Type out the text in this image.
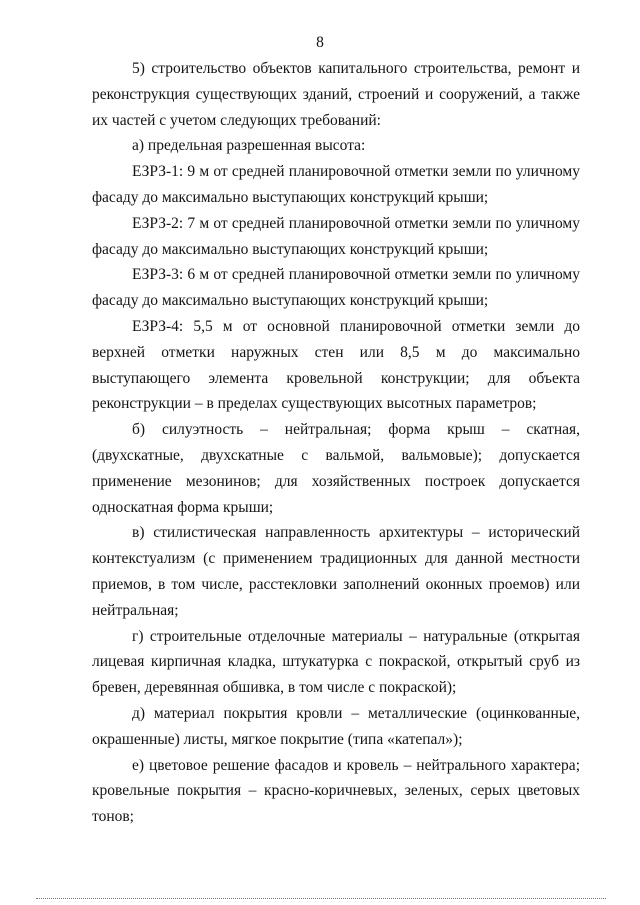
8

5) строительство объектов капитального строительства, ремонт и реконструкция существующих зданий, строений и сооружений, а также их частей с учетом следующих требований:

а) предельная разрешенная высота:

ЕЗРЗ-1: 9 м от средней планировочной отметки земли по уличному фасаду до максимально выступающих конструкций крыши;

ЕЗРЗ-2: 7 м от средней планировочной отметки земли по уличному фасаду до максимально выступающих конструкций крыши;

ЕЗРЗ-3: 6 м от средней планировочной отметки земли по уличному фасаду до максимально выступающих конструкций крыши;

ЕЗРЗ-4: 5,5 м от основной планировочной отметки земли до верхней отметки наружных стен или 8,5 м до максимально выступающего элемента кровельной конструкции; для объекта реконструкции – в пределах существующих высотных параметров;

б) силуэтность – нейтральная; форма крыш – скатная, (двухскатные, двухскатные с вальмой, вальмовые); допускается применение мезонинов; для хозяйственных построек допускается односкатная форма крыши;

в) стилистическая направленность архитектуры – исторический контекстуализм (с применением традиционных для данной местности приемов, в том числе, расстекловки заполнений оконных проемов) или нейтральная;

г) строительные отделочные материалы – натуральные (открытая лицевая кирпичная кладка, штукатурка с покраской, открытый сруб из бревен, деревянная обшивка, в том числе с покраской);

д) материал покрытия кровли – металлические (оцинкованные, окрашенные) листы, мягкое покрытие (типа «катепал»);

е) цветовое решение фасадов и кровель – нейтрального характера; кровельные покрытия – красно-коричневых, зеленых, серых цветовых тонов;
